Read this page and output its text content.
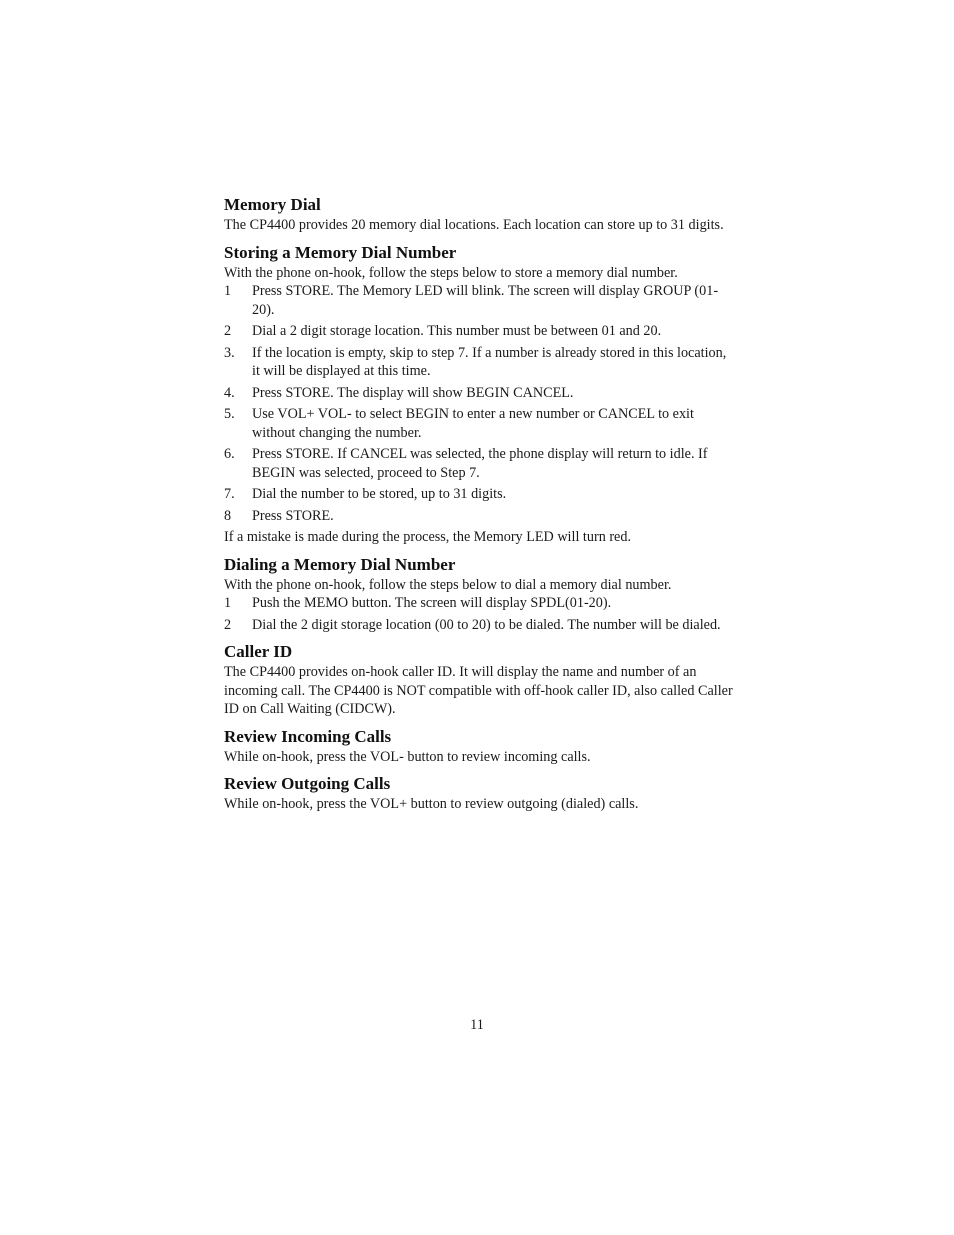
Memory Dial

The CP4400 provides 20 memory dial locations. Each location can store up to 31 digits.

Storing a Memory Dial Number

With the phone on-hook, follow the steps below to store a memory dial number.

1 Press STORE. The Memory LED will blink. The screen will display GROUP (01-20).
2 Dial a 2 digit storage location. This number must be between 01 and 20.
3. If the location is empty, skip to step 7. If a number is already stored in this location, it will be displayed at this time.
4. Press STORE. The display will show BEGIN CANCEL.
5. Use VOL+ VOL- to select BEGIN to enter a new number or CANCEL to exit without changing the number.
6. Press STORE. If CANCEL was selected, the phone display will return to idle. If BEGIN was selected, proceed to Step 7.
7. Dial the number to be stored, up to 31 digits.
8 Press STORE.

If a mistake is made during the process, the Memory LED will turn red.

Dialing a Memory Dial Number

With the phone on-hook, follow the steps below to dial a memory dial number.

1 Push the MEMO button. The screen will display SPDL(01-20).
2 Dial the 2 digit storage location (00 to 20) to be dialed. The number will be dialed.
Caller ID

The CP4400 provides on-hook caller ID. It will display the name and number of an incoming call. The CP4400 is NOT compatible with off-hook caller ID, also called Caller ID on Call Waiting (CIDCW).

Review Incoming Calls

While on-hook, press the VOL- button to review incoming calls.

Review Outgoing Calls

While on-hook, press the VOL+ button to review outgoing (dialed) calls.

11
